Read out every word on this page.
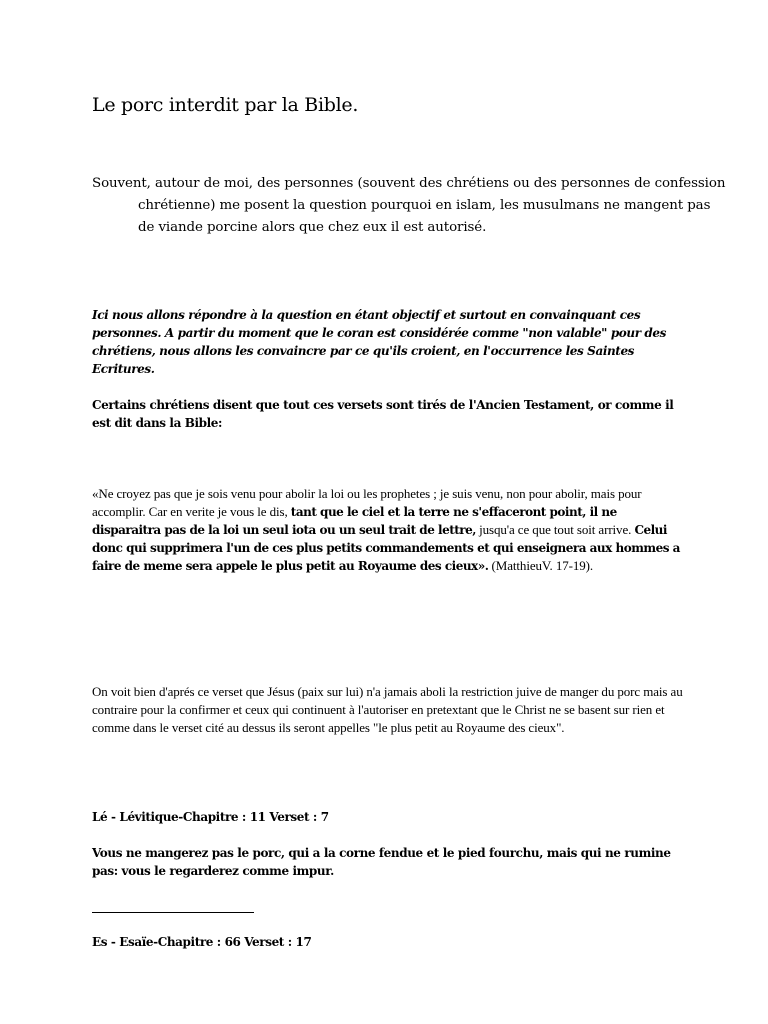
Le porc interdit par la Bible.

Souvent, autour de moi, des personnes (souvent des chrétiens ou des personnes de confession chrétienne) me posent la question pourquoi en islam, les musulmans ne mangent pas de viande porcine alors que chez eux il est autorisé.

Ici nous allons répondre à la question en étant objectif et surtout en convainquant ces personnes. A partir du moment que le coran est considérée comme "non valable" pour des chrétiens, nous allons les convaincre par ce qu'ils croient, en l'occurrence les Saintes Ecritures.

Certains chrétiens disent que tout ces versets sont tirés de l'Ancien Testament, or comme il est dit dans la Bible:

«Ne croyez pas que je sois venu pour abolir la loi ou les prophetes ; je suis venu, non pour abolir, mais pour accomplir. Car en verite je vous le dis, tant que le ciel et la terre ne s'effaceront point, il ne disparaitra pas de la loi un seul iota ou un seul trait de lettre, jusqu'a ce que tout soit arrive. Celui donc qui supprimera l'un de ces plus petits commandements et qui enseignera aux hommes a faire de meme sera appele le plus petit au Royaume des cieux». (MatthieuV. 17-19).

On voit bien d'aprés ce verset que Jésus (paix sur lui) n'a jamais aboli la restriction juive de manger du porc mais au contraire pour la confirmer et ceux qui continuent à l'autoriser en pretextant que le Christ ne se basent sur rien et comme dans le verset cité au dessus ils seront appelles "le plus petit au Royaume des cieux".

Lé - Lévitique-Chapitre : 11 Verset : 7

Vous ne mangerez pas le porc, qui a la corne fendue et le pied fourchu, mais qui ne rumine pas: vous le regarderez comme impur.

Es - Esaïe-Chapitre : 66 Verset : 17
